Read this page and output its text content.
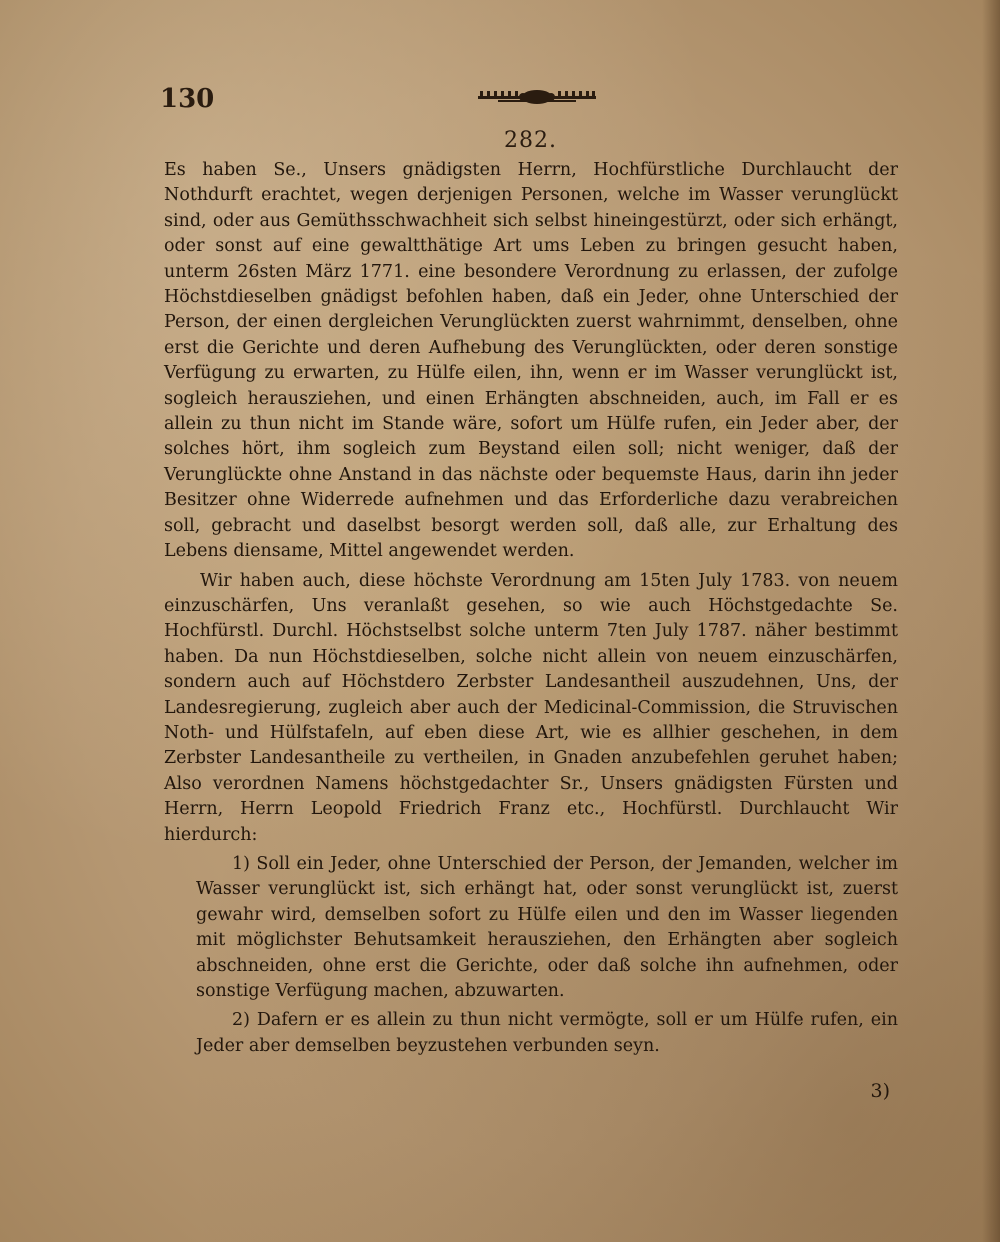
130
282.

Es haben Se., Unsers gnädigsten Herrn, Hochfürstliche Durchlaucht der Nothdurft erachtet, wegen derjenigen Personen, welche im Wasser verunglückt sind, oder aus Gemüthsschwachheit sich selbst hineingestürzt, oder sich erhängt, oder sonst auf eine gewaltthätige Art ums Leben zu bringen gesucht haben, unterm 26sten März 1771. eine besondere Verordnung zu erlassen, der zufolge Höchstdieselben gnädigst befohlen haben, daß ein Jeder, ohne Unterschied der Person, der einen dergleichen Verunglückten zuerst wahrnimmt, denselben, ohne erst die Gerichte und deren Aufhebung des Verunglückten, oder deren sonstige Verfügung zu erwarten, zu Hülfe eilen, ihn, wenn er im Wasser verunglückt ist, sogleich herausziehen, und einen Erhängten abschneiden, auch, im Fall er es allein zu thun nicht im Stande wäre, sofort um Hülfe rufen, ein Jeder aber, der solches hört, ihm sogleich zum Beystand eilen soll; nicht weniger, daß der Verunglückte ohne Anstand in das nächste oder bequemste Haus, darin ihn jeder Besitzer ohne Widerrede aufnehmen und das Erforderliche dazu verabreichen soll, gebracht und daselbst besorgt werden soll, daß alle, zur Erhaltung des Lebens diensame, Mittel angewendet werden.

Wir haben auch, diese höchste Verordnung am 15ten July 1783. von neuem einzuschärfen, Uns veranlaßt gesehen, so wie auch Höchstgedachte Se. Hochfürstl. Durchl. Höchstselbst solche unterm 7ten July 1787. näher bestimmt haben. Da nun Höchstdieselben, solche nicht allein von neuem einzuschärfen, sondern auch auf Höchstdero Zerbster Landesantheil auszudehnen, Uns, der Landesregierung, zugleich aber auch der Medicinal-Commission, die Struvischen Noth- und Hülfstafeln, auf eben diese Art, wie es allhier geschehen, in dem Zerbster Landesantheile zu vertheilen, in Gnaden anzubefehlen geruhet haben; Also verordnen Namens höchstgedachter Sr., Unsers gnädigsten Fürsten und Herrn, Herrn Leopold Friedrich Franz etc., Hochfürstl. Durchlaucht Wir hierdurch:

1) Soll ein Jeder, ohne Unterschied der Person, der Jemanden, welcher im Wasser verunglückt ist, sich erhängt hat, oder sonst verunglückt ist, zuerst gewahr wird, demselben sofort zu Hülfe eilen und den im Wasser liegenden mit möglichster Behutsamkeit herausziehen, den Erhängten aber sogleich abschneiden, ohne erst die Gerichte, oder daß solche ihn aufnehmen, oder sonstige Verfügung machen, abzuwarten.

2) Dafern er es allein zu thun nicht vermögte, soll er um Hülfe rufen, ein Jeder aber demselben beyzustehen verbunden seyn.

3)
